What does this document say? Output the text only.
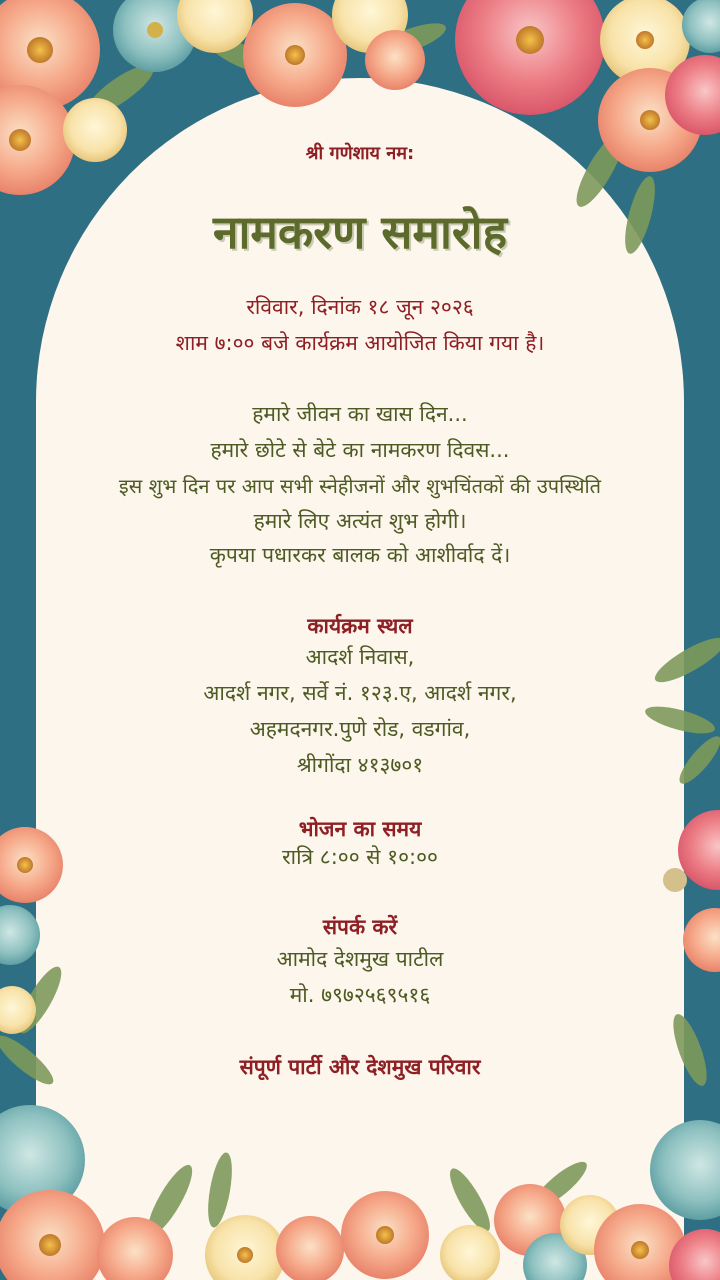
श्री गणेशाय नम:

नामकरण समारोह

रविवार, दिनांक १८ जून २०२६

शाम ७:०० बजे कार्यक्रम आयोजित किया गया है।

हमारे जीवन का खास दिन...

हमारे छोटे से बेटे का नामकरण दिवस...

इस शुभ दिन पर आप सभी स्नेहीजनों और शुभचिंतकों की उपस्थिति

हमारे लिए अत्यंत शुभ होगी।

कृपया पधारकर बालक को आशीर्वाद दें।

कार्यक्रम स्थल

आदर्श निवास,

आदर्श नगर, सर्वे नं. १२३.ए, आदर्श नगर,

अहमदनगर.पुणे रोड, वडगांव,

श्रीगोंदा ४१३७०१

भोजन का समय

रात्रि ८:०० से १०:००

संपर्क करें

आमोद देशमुख पाटील

मो. ७९७२५६९५१६

संपूर्ण पार्टी और देशमुख परिवार
